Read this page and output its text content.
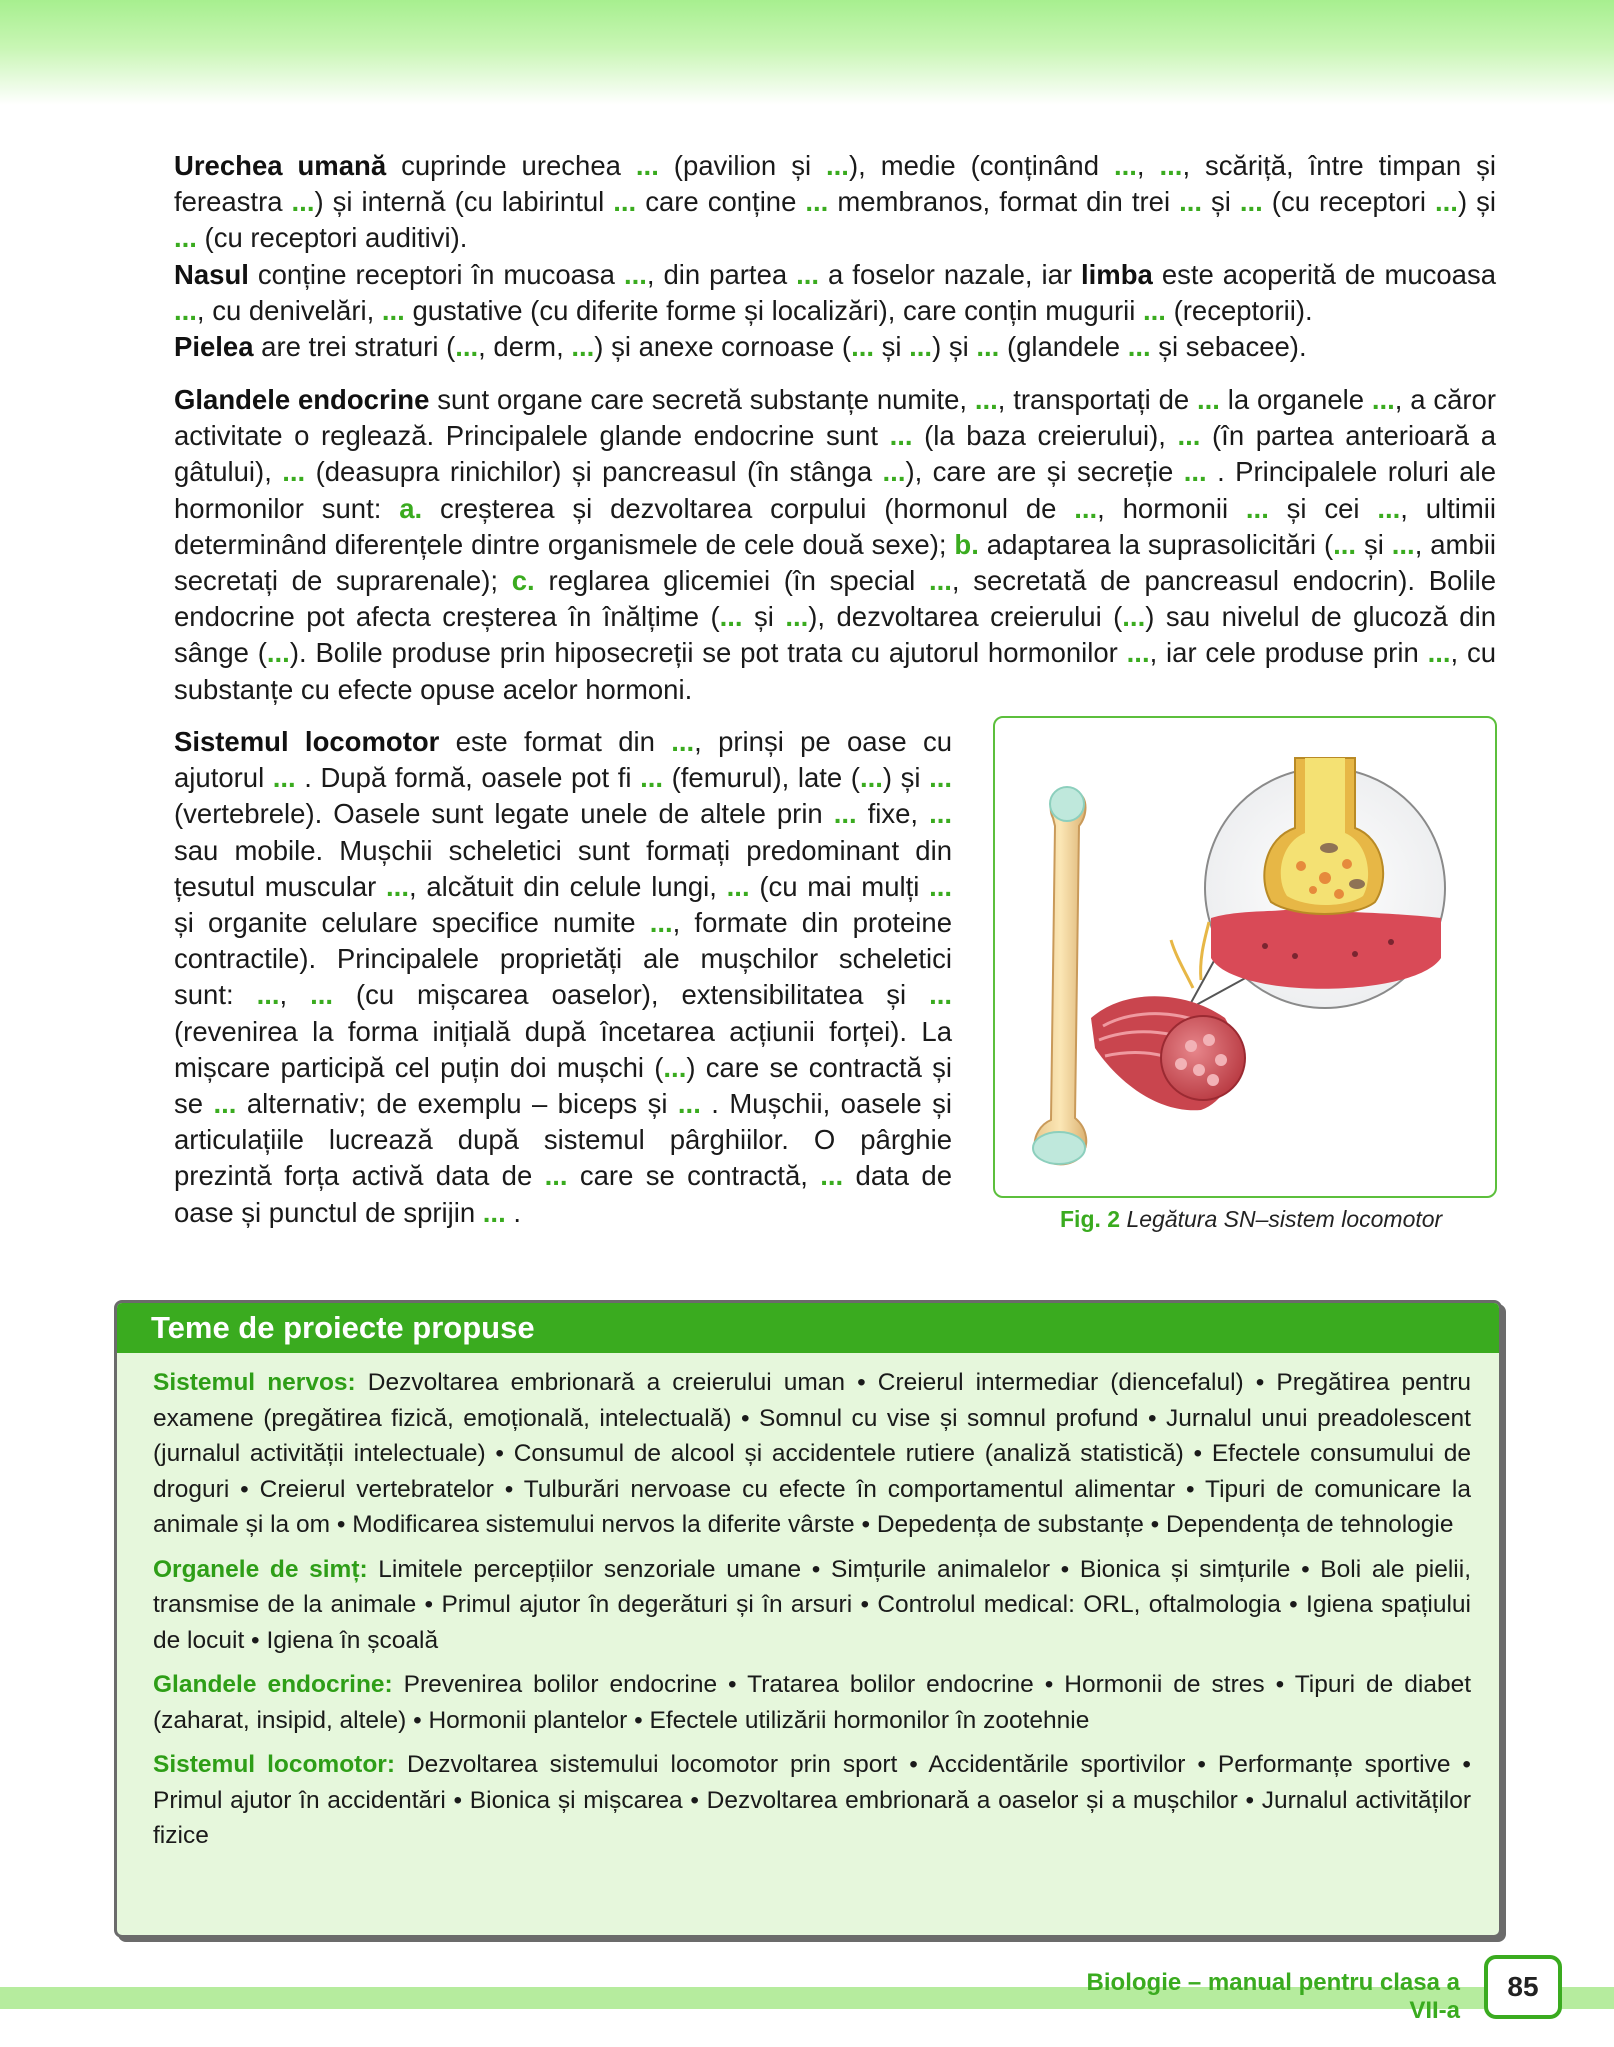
Urechea umană cuprinde urechea ... (pavilion și ...), medie (conținând ..., ..., scăriță, între timpan și fereastra ...) și internă (cu labirintul ... care conține ... membranos, format din trei ... și ... (cu receptori ...) și ... (cu receptori auditivi).
Nasul conține receptori în mucoasa ..., din partea ... a foselor nazale, iar limba este acoperită de mucoasa ..., cu denivelări, ... gustative (cu diferite forme și localizări), care conțin mugurii ... (receptorii).
Pielea are trei straturi (..., derm, ...) și anexe cornoase (... și ...) și ... (glandele ... și sebacee).

Glandele endocrine sunt organe care secretă substanțe numite, ..., transportați de ... la organele ..., a căror activitate o reglează. Principalele glande endocrine sunt ... (la baza creierului), ... (în partea anterioară a gâtului), ... (deasupra rinichilor) și pancreasul (în stânga ...), care are și secreție ... . Principalele roluri ale hormonilor sunt: a. creșterea și dezvoltarea corpului (hormonul de ..., hormonii ... și cei ..., ultimii determinând diferențele dintre organismele de cele două sexe); b. adaptarea la suprasolicitări (... și ..., ambii secretați de suprarenale); c. reglarea glicemiei (în special ..., secretată de pancreasul endocrin). Bolile endocrine pot afecta creșterea în înălțime (... și ...), dezvoltarea creierului (...) sau nivelul de glucoză din sânge (...). Bolile produse prin hiposecreții se pot trata cu ajutorul hormonilor ..., iar cele produse prin ..., cu substanțe cu efecte opuse acelor hormoni.

Sistemul locomotor este format din ..., prinși pe oase cu ajutorul ... . După formă, oasele pot fi ... (femurul), late (...) și ... (vertebrele). Oasele sunt legate unele de altele prin ... fixe, ... sau mobile. Mușchii scheletici sunt formați predominant din țesutul muscular ..., alcătuit din celule lungi, ... (cu mai mulți ... și organite celulare specifice numite ..., formate din proteine contractile). Principalele proprietăți ale mușchilor scheletici sunt: ..., ... (cu mișcarea oaselor), extensibilitatea și ... (revenirea la forma inițială după încetarea acțiunii forței). La mișcare participă cel puțin doi mușchi (...) care se contractă și se ... alternativ; de exemplu – biceps și ... . Mușchii, oasele și articulațiile lucrează după sistemul pârghiilor. O pârghie prezintă forța activă data de ... care se contractă, ... data de oase și punctul de sprijin ... .	Fig. 2 Legătura SN–sistem locomotor
Teme de proiecte propuse

Sistemul nervos: Dezvoltarea embrionară a creierului uman • Creierul intermediar (diencefalul) • Pregătirea pentru examene (pregătirea fizică, emoțională, intelectuală) • Somnul cu vise și somnul profund • Jurnalul unui preadolescent (jurnalul activității intelectuale) • Consumul de alcool și accidentele rutiere (analiză statistică) • Efectele consumului de droguri • Creierul vertebratelor • Tulburări nervoase cu efecte în comportamentul alimentar • Tipuri de comunicare la animale și la om • Modificarea sistemului nervos la diferite vârste • Depedența de substanțe • Dependența de tehnologie

Organele de simț: Limitele percepțiilor senzoriale umane • Simțurile animalelor • Bionica și simțurile • Boli ale pielii, transmise de la animale • Primul ajutor în degerături și în arsuri • Controlul medical: ORL, oftalmologia • Igiena spațiului de locuit • Igiena în școală

Glandele endocrine: Prevenirea bolilor endocrine • Tratarea bolilor endocrine • Hormonii de stres • Tipuri de diabet (zaharat, insipid, altele) • Hormonii plantelor • Efectele utilizării hormonilor în zootehnie

Sistemul locomotor: Dezvoltarea sistemului locomotor prin sport • Accidentările sportivilor • Performanțe sportive • Primul ajutor în accidentări • Bionica și mișcarea • Dezvoltarea embrionară a oaselor și a mușchilor • Jurnalul activităților fizice

Biologie – manual pentru clasa a VII-a
85
